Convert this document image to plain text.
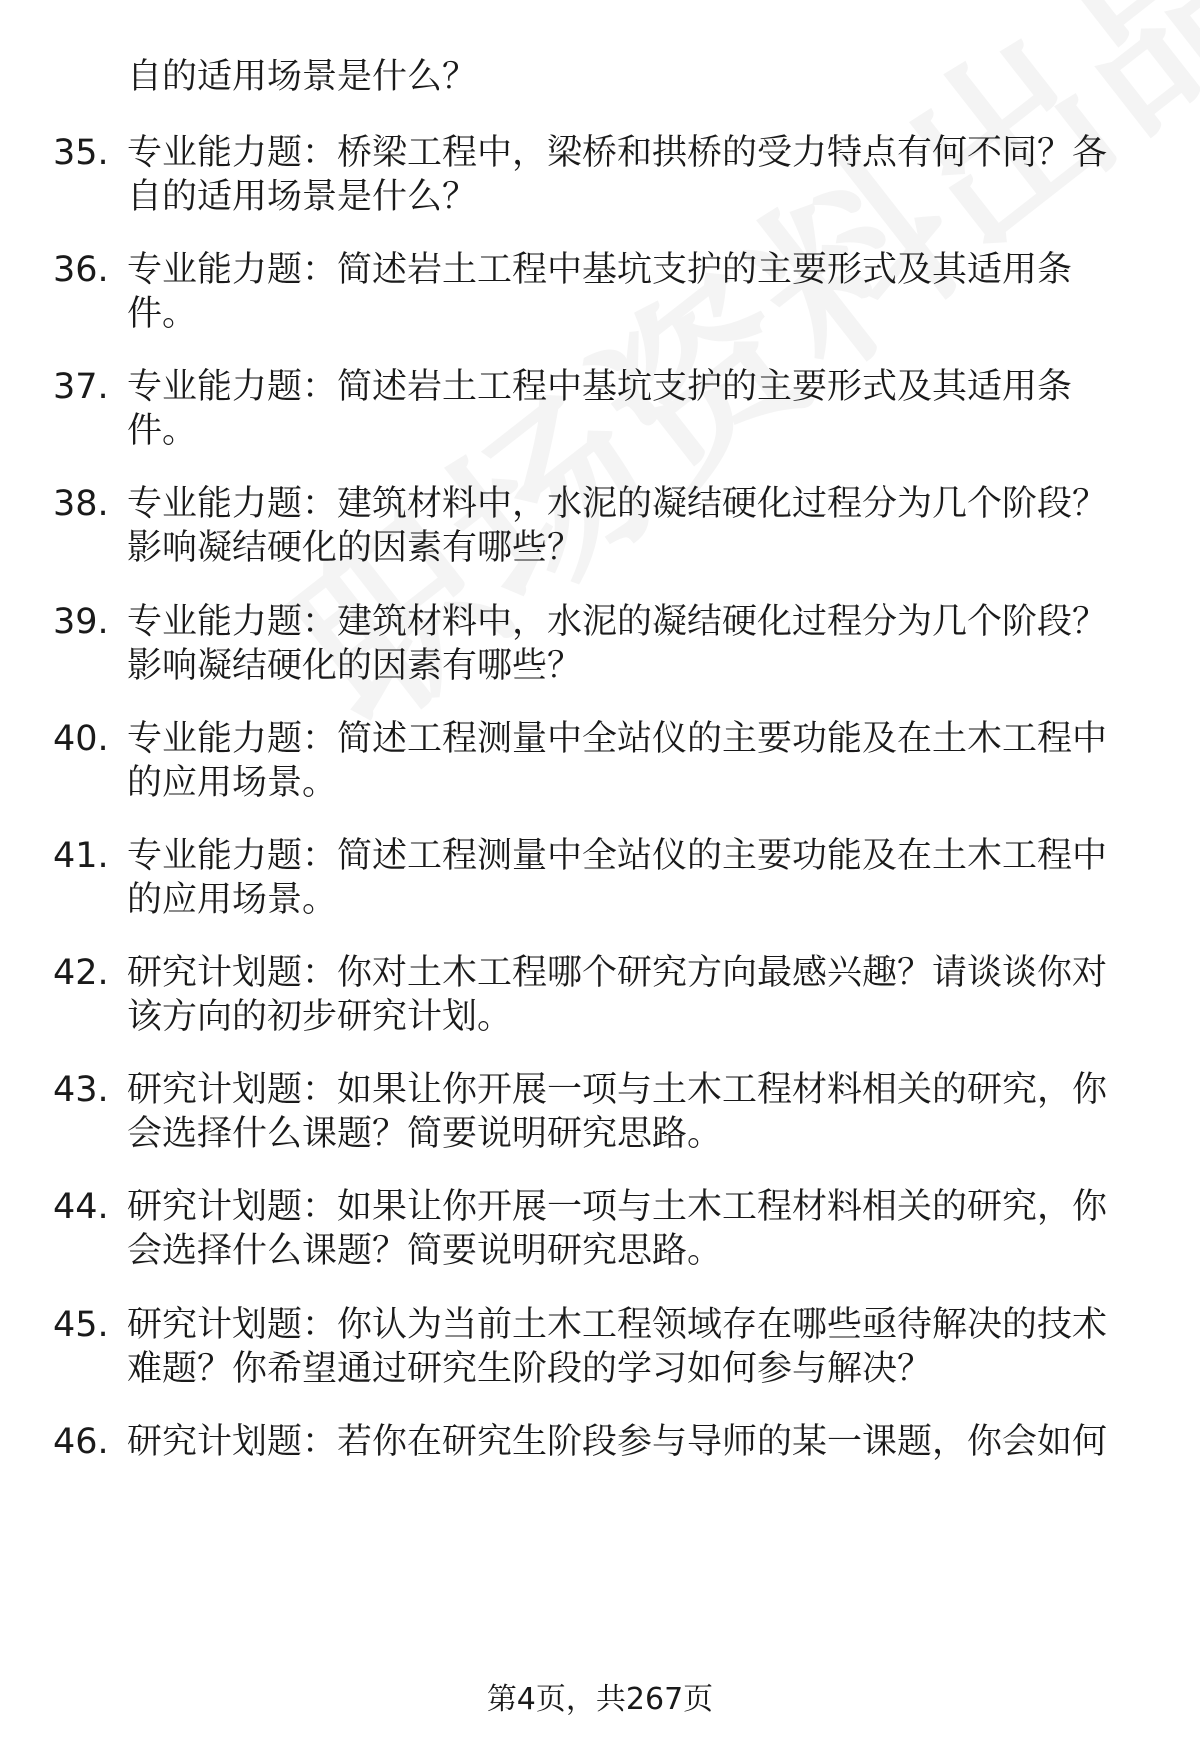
自的适用场景是什么？
35. 专业能力题：桥梁工程中，梁桥和拱桥的受力特点有何不同？各
自的适用场景是什么？
36. 专业能力题：简述岩土工程中基坑支护的主要形式及其适用条
件。
37. 专业能力题：简述岩土工程中基坑支护的主要形式及其适用条
件。
38. 专业能力题：建筑材料中，水泥的凝结硬化过程分为几个阶段？
影响凝结硬化的因素有哪些？
39. 专业能力题：建筑材料中，水泥的凝结硬化过程分为几个阶段？
影响凝结硬化的因素有哪些？
40. 专业能力题：简述工程测量中全站仪的主要功能及在土木工程中
的应用场景。
41. 专业能力题：简述工程测量中全站仪的主要功能及在土木工程中
的应用场景。
42. 研究计划题：你对土木工程哪个研究方向最感兴趣？请谈谈你对
该方向的初步研究计划。
43. 研究计划题：如果让你开展一项与土木工程材料相关的研究，你
会选择什么课题？简要说明研究思路。
44. 研究计划题：如果让你开展一项与土木工程材料相关的研究，你
会选择什么课题？简要说明研究思路。
45. 研究计划题：你认为当前土木工程领域存在哪些亟待解决的技术
难题？你希望通过研究生阶段的学习如何参与解决？
46. 研究计划题：若你在研究生阶段参与导师的某一课题，你会如何
第4页，共267页
